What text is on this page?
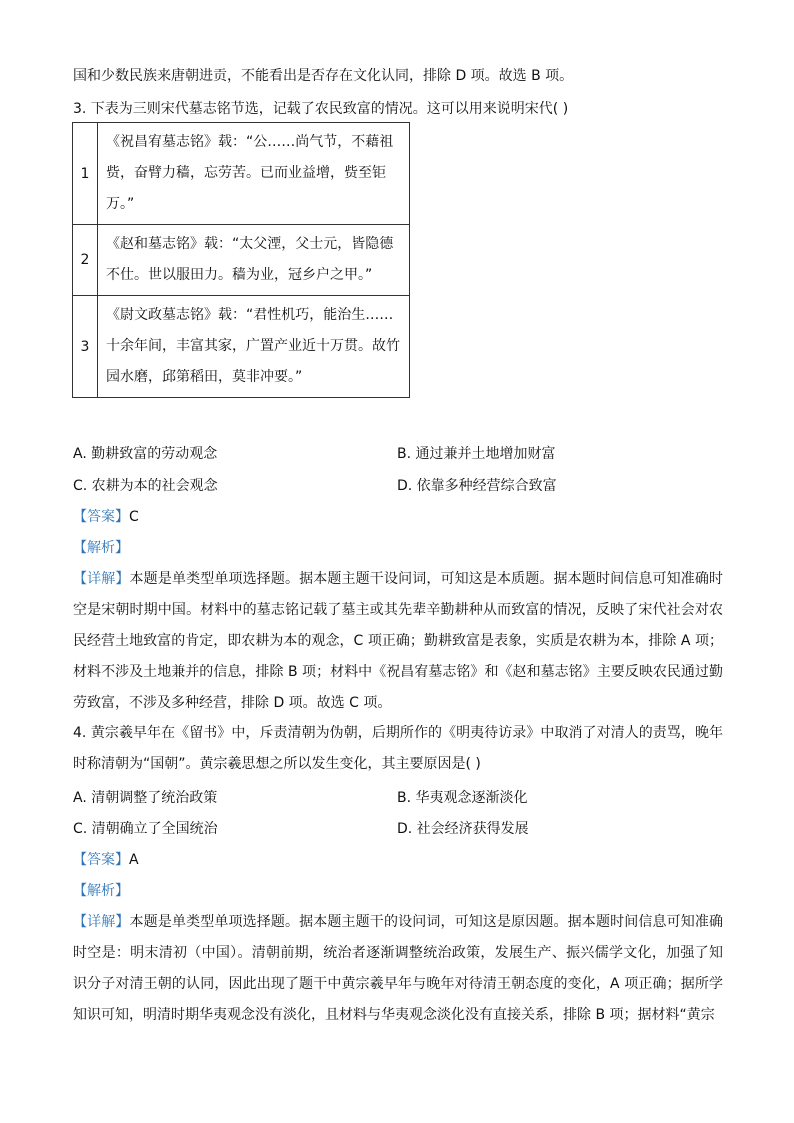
国和少数民族来唐朝进贡，不能看出是否存在文化认同，排除 D 项。故选 B 项。
3. 下表为三则宋代墓志铭节选，记载了农民致富的情况。这可以用来说明宋代( )
1	《祝昌宥墓志铭》载：“公……尚气节，不藉祖赀，奋臂力穑，忘劳苦。已而业益增，赀至钜万。”
2	《赵和墓志铭》载：“太父湮，父士元，皆隐德不仕。世以服田力。穑为业，冠乡户之甲。”
3	《尉文政墓志铭》载：“君性机巧，能治生……十余年间，丰富其家，广置产业近十万贯。故竹园水磨，邱第稻田，莫非冲要。”
A. 勤耕致富的劳动观念	B. 通过兼并土地增加财富
C. 农耕为本的社会观念	D. 依靠多种经营综合致富
【答案】C
【解析】
【详解】本题是单类型单项选择题。据本题主题干设问词，可知这是本质题。据本题时间信息可知准确时空是宋朝时期中国。材料中的墓志铭记载了墓主或其先辈辛勤耕种从而致富的情况，反映了宋代社会对农民经营土地致富的肯定，即农耕为本的观念，C 项正确；勤耕致富是表象，实质是农耕为本，排除 A 项；材料不涉及土地兼并的信息，排除 B 项；材料中《祝昌宥墓志铭》和《赵和墓志铭》主要反映农民通过勤劳致富，不涉及多种经营，排除 D 项。故选 C 项。
4. 黄宗羲早年在《留书》中，斥责清朝为伪朝，后期所作的《明夷待访录》中取消了对清人的责骂，晚年时称清朝为“国朝”。黄宗羲思想之所以发生变化，其主要原因是( )
A. 清朝调整了统治政策	B. 华夷观念逐渐淡化
C. 清朝确立了全国统治	D. 社会经济获得发展
【答案】A
【解析】
【详解】本题是单类型单项选择题。据本题主题干的设问词，可知这是原因题。据本题时间信息可知准确时空是：明末清初（中国）。清朝前期，统治者逐渐调整统治政策，发展生产、振兴儒学文化，加强了知识分子对清王朝的认同，因此出现了题干中黄宗羲早年与晚年对待清王朝态度的变化，A 项正确；据所学知识可知，明清时期华夷观念没有淡化，且材料与华夷观念淡化没有直接关系，排除 B 项；据材料“黄宗
